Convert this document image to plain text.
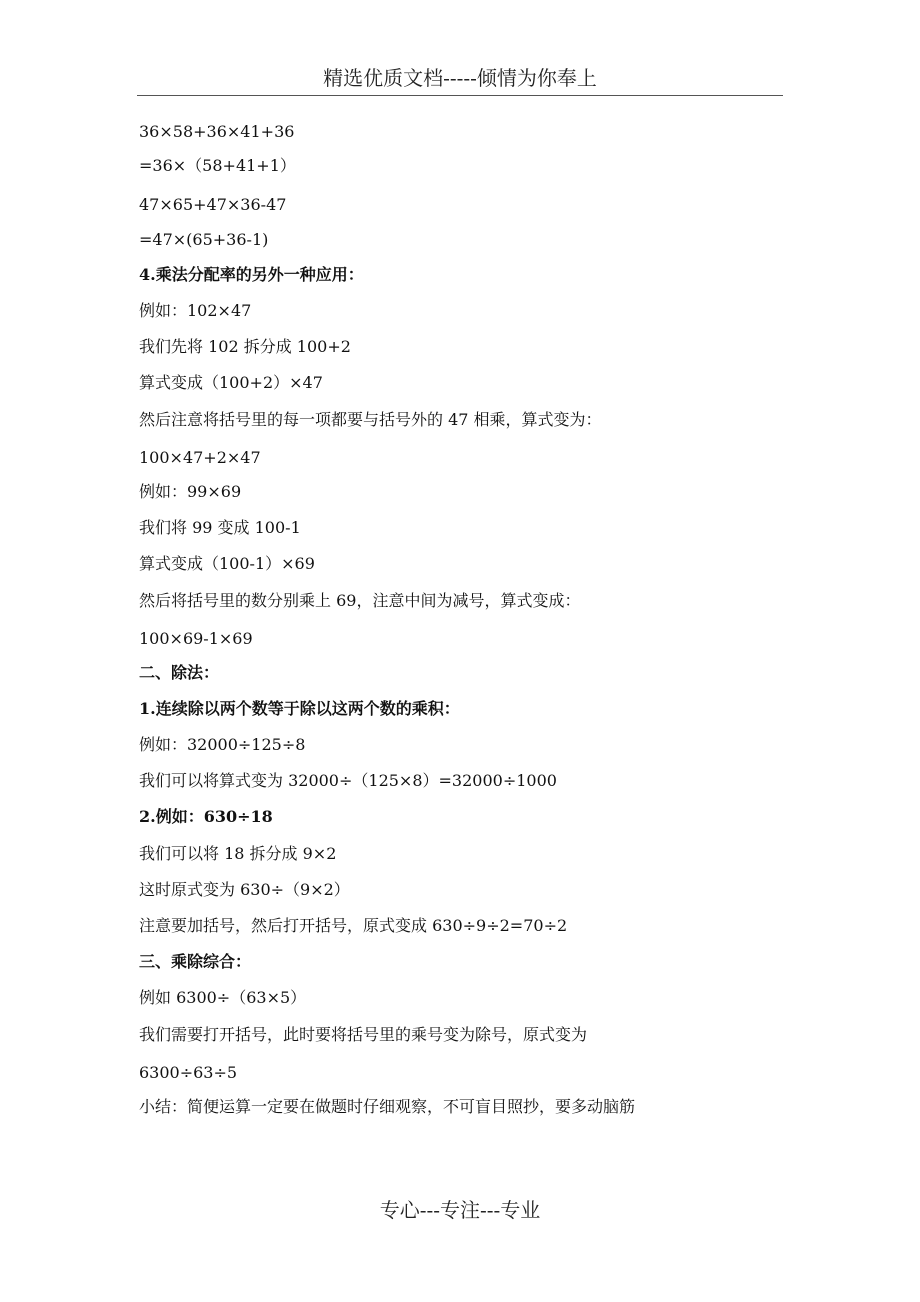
精选优质文档-----倾情为你奉上
36×58+36×41+36
=36×（58+41+1）
47×65+47×36-47
=47×(65+36-1)
4.乘法分配率的另外一种应用：
例如：102×47
我们先将 102 拆分成 100+2
算式变成（100+2）×47
然后注意将括号里的每一项都要与括号外的 47 相乘，算式变为：
100×47+2×47
例如：99×69
我们将 99 变成 100-1
算式变成（100-1）×69
然后将括号里的数分别乘上 69，注意中间为减号，算式变成：
100×69-1×69
二、除法：
1.连续除以两个数等于除以这两个数的乘积：
例如：32000÷125÷8
我们可以将算式变为 32000÷（125×8）=32000÷1000
2.例如：630÷18
我们可以将 18 拆分成 9×2
这时原式变为 630÷（9×2）
注意要加括号，然后打开括号，原式变成 630÷9÷2=70÷2
三、乘除综合：
例如 6300÷（63×5）
我们需要打开括号，此时要将括号里的乘号变为除号，原式变为
6300÷63÷5
小结：简便运算一定要在做题时仔细观察，不可盲目照抄，要多动脑筋
专心---专注---专业
